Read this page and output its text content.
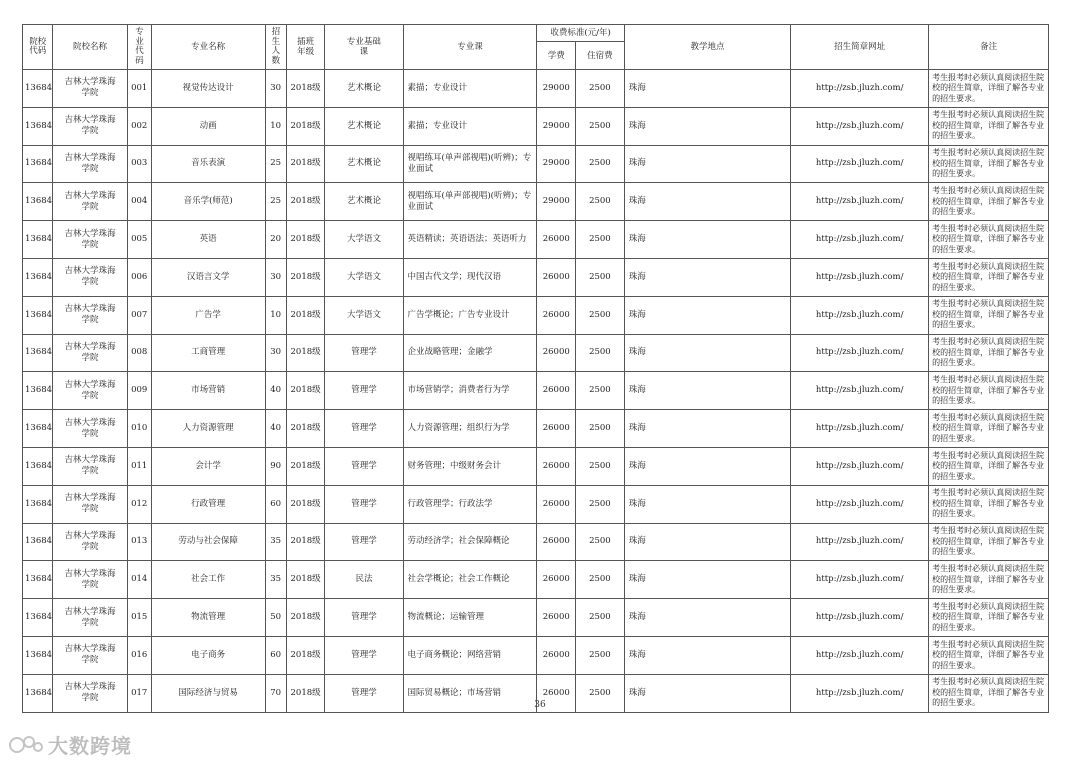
院校代码	院校名称	专业代码	专业名称	招生人数	插班年级	专业基础课	专业课	收费标准(元/年)		教学地点	招生简章网址	备注
								学费	住宿费			
13684	吉林大学珠海学院	001	视觉传达设计	30	2018级	艺术概论	素描；专业设计	29000	2500	珠海	http://zsb.jluzh.com/	考生报考时必须认真阅读招生院校的招生简章，详细了解各专业的招生要求。
13684	吉林大学珠海学院	002	动画	10	2018级	艺术概论	素描；专业设计	29000	2500	珠海	http://zsb.jluzh.com/	考生报考时必须认真阅读招生院校的招生简章，详细了解各专业的招生要求。
13684	吉林大学珠海学院	003	音乐表演	25	2018级	艺术概论	视唱练耳(单声部视唱)(听辨)；专业面试	29000	2500	珠海	http://zsb.jluzh.com/	考生报考时必须认真阅读招生院校的招生简章，详细了解各专业的招生要求。
13684	吉林大学珠海学院	004	音乐学(师范)	25	2018级	艺术概论	视唱练耳(单声部视唱)(听辨)；专业面试	29000	2500	珠海	http://zsb.jluzh.com/	考生报考时必须认真阅读招生院校的招生简章，详细了解各专业的招生要求。
13684	吉林大学珠海学院	005	英语	20	2018级	大学语文	英语精读；英语语法；英语听力	26000	2500	珠海	http://zsb.jluzh.com/	考生报考时必须认真阅读招生院校的招生简章，详细了解各专业的招生要求。
13684	吉林大学珠海学院	006	汉语言文学	30	2018级	大学语文	中国古代文学；现代汉语	26000	2500	珠海	http://zsb.jluzh.com/	考生报考时必须认真阅读招生院校的招生简章，详细了解各专业的招生要求。
13684	吉林大学珠海学院	007	广告学	10	2018级	大学语文	广告学概论；广告专业设计	26000	2500	珠海	http://zsb.jluzh.com/	考生报考时必须认真阅读招生院校的招生简章，详细了解各专业的招生要求。
13684	吉林大学珠海学院	008	工商管理	30	2018级	管理学	企业战略管理；金融学	26000	2500	珠海	http://zsb.jluzh.com/	考生报考时必须认真阅读招生院校的招生简章，详细了解各专业的招生要求。
13684	吉林大学珠海学院	009	市场营销	40	2018级	管理学	市场营销学；消费者行为学	26000	2500	珠海	http://zsb.jluzh.com/	考生报考时必须认真阅读招生院校的招生简章，详细了解各专业的招生要求。
13684	吉林大学珠海学院	010	人力资源管理	40	2018级	管理学	人力资源管理；组织行为学	26000	2500	珠海	http://zsb.jluzh.com/	考生报考时必须认真阅读招生院校的招生简章，详细了解各专业的招生要求。
13684	吉林大学珠海学院	011	会计学	90	2018级	管理学	财务管理；中级财务会计	26000	2500	珠海	http://zsb.jluzh.com/	考生报考时必须认真阅读招生院校的招生简章，详细了解各专业的招生要求。
13684	吉林大学珠海学院	012	行政管理	60	2018级	管理学	行政管理学；行政法学	26000	2500	珠海	http://zsb.jluzh.com/	考生报考时必须认真阅读招生院校的招生简章，详细了解各专业的招生要求。
13684	吉林大学珠海学院	013	劳动与社会保障	35	2018级	管理学	劳动经济学；社会保障概论	26000	2500	珠海	http://zsb.jluzh.com/	考生报考时必须认真阅读招生院校的招生简章，详细了解各专业的招生要求。
13684	吉林大学珠海学院	014	社会工作	35	2018级	民法	社会学概论；社会工作概论	26000	2500	珠海	http://zsb.jluzh.com/	考生报考时必须认真阅读招生院校的招生简章，详细了解各专业的招生要求。
13684	吉林大学珠海学院	015	物流管理	50	2018级	管理学	物流概论；运输管理	26000	2500	珠海	http://zsb.jluzh.com/	考生报考时必须认真阅读招生院校的招生简章，详细了解各专业的招生要求。
13684	吉林大学珠海学院	016	电子商务	60	2018级	管理学	电子商务概论；网络营销	26000	2500	珠海	http://zsb.jluzh.com/	考生报考时必须认真阅读招生院校的招生简章，详细了解各专业的招生要求。
13684	吉林大学珠海学院	017	国际经济与贸易	70	2018级	管理学	国际贸易概论；市场营销	26000	2500	珠海	http://zsb.jluzh.com/	考生报考时必须认真阅读招生院校的招生简章，详细了解各专业的招生要求。
36
大数跨境
